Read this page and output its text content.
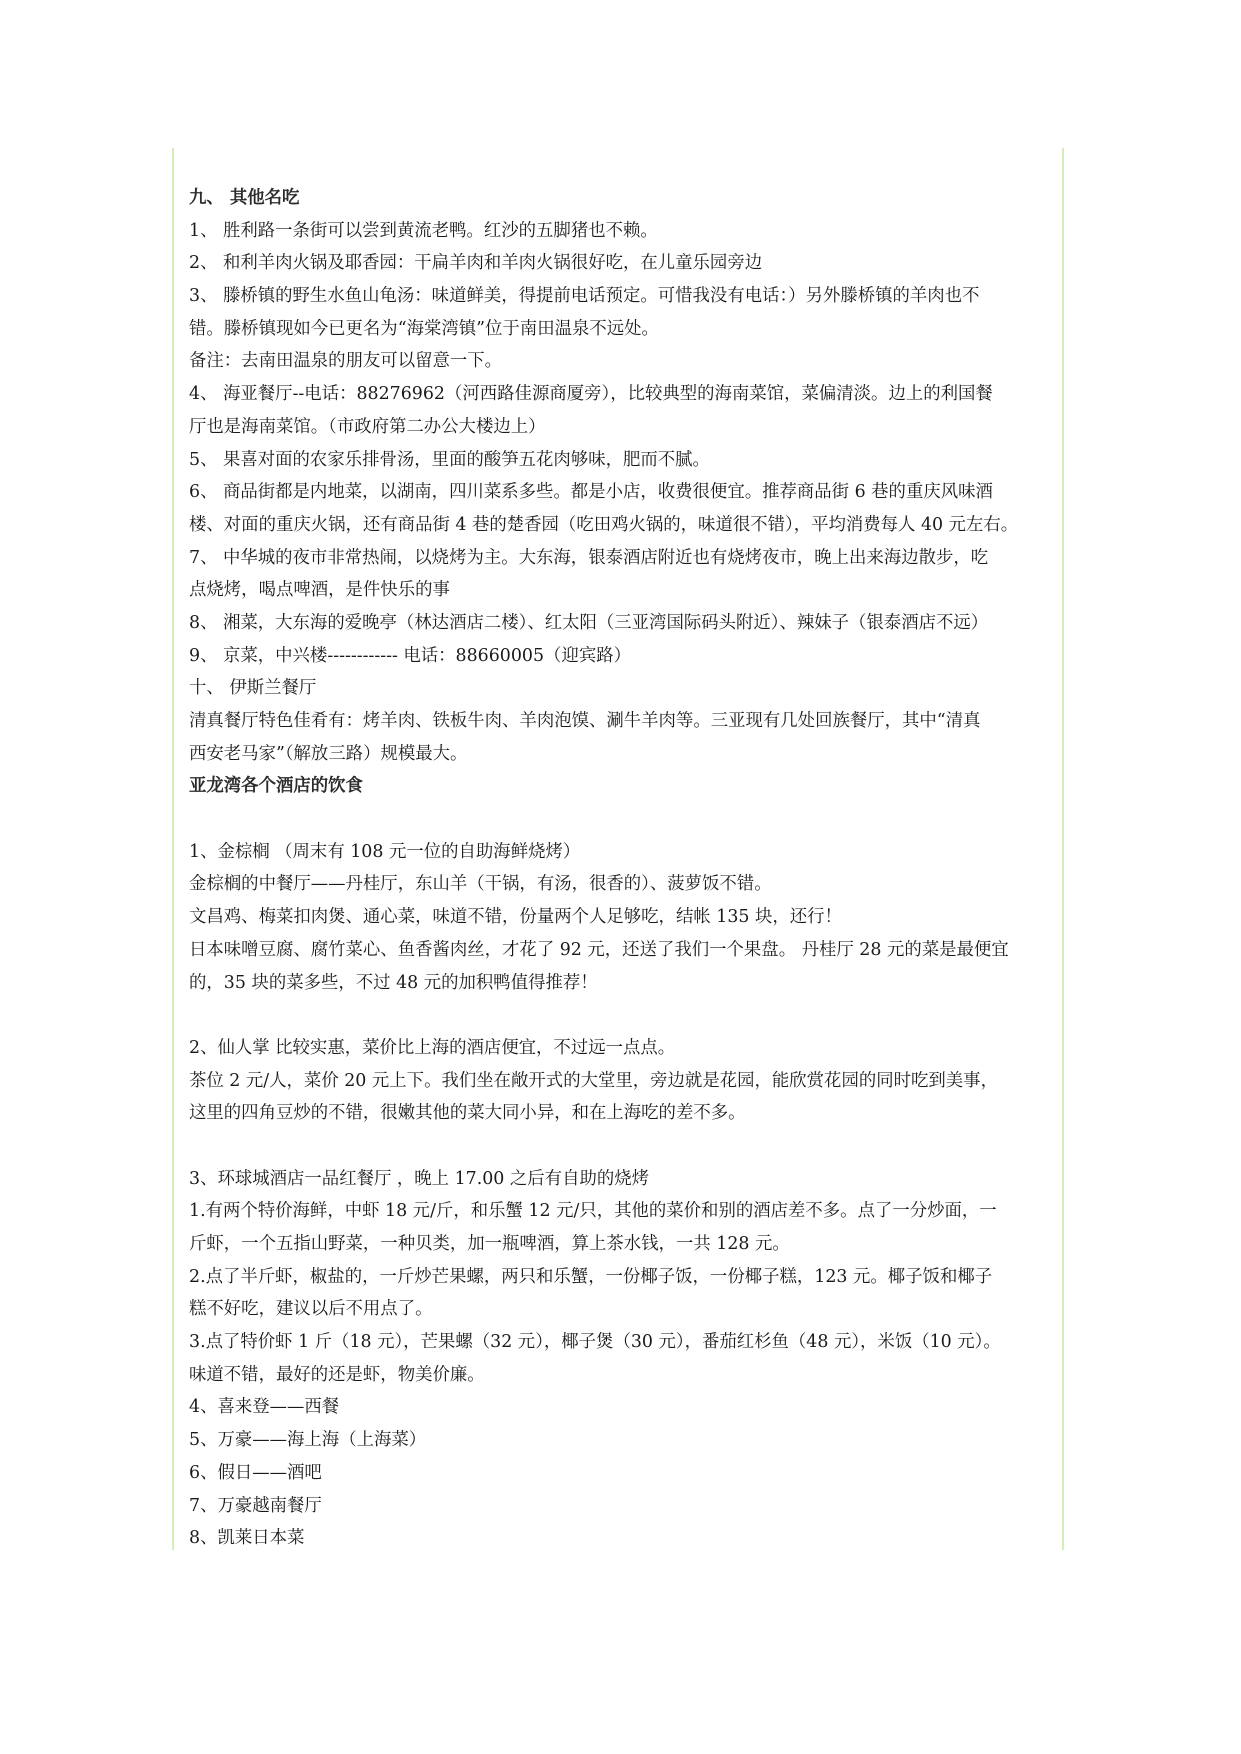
九、 其他名吃
1、 胜利路一条街可以尝到黄流老鸭。红沙的五脚猪也不赖。
2、 和利羊肉火锅及耶香园：干扁羊肉和羊肉火锅很好吃，在儿童乐园旁边
3、 滕桥镇的野生水鱼山龟汤：味道鲜美，得提前电话预定。可惜我没有电话：）另外滕桥镇的羊肉也不
错。滕桥镇现如今已更名为“海棠湾镇”位于南田温泉不远处。
备注：去南田温泉的朋友可以留意一下。
4、 海亚餐厅--电话：88276962（河西路佳源商厦旁），比较典型的海南菜馆，菜偏清淡。边上的利国餐
厅也是海南菜馆。（市政府第二办公大楼边上）
5、 果喜对面的农家乐排骨汤，里面的酸笋五花肉够味，肥而不腻。
6、 商品街都是内地菜，以湖南，四川菜系多些。都是小店，收费很便宜。推荐商品街 6 巷的重庆风味酒
楼、对面的重庆火锅，还有商品街 4 巷的楚香园（吃田鸡火锅的，味道很不错），平均消费每人 40 元左右。
7、 中华城的夜市非常热闹，以烧烤为主。大东海，银泰酒店附近也有烧烤夜市，晚上出来海边散步，吃
点烧烤，喝点啤酒，是件快乐的事
8、 湘菜，大东海的爱晚亭（林达酒店二楼）、红太阳（三亚湾国际码头附近）、辣妹子（银泰酒店不远）
9、 京菜，中兴楼------------ 电话：88660005（迎宾路）
十、 伊斯兰餐厅
清真餐厅特色佳肴有：烤羊肉、铁板牛肉、羊肉泡馍、涮牛羊肉等。三亚现有几处回族餐厅，其中“清真
西安老马家”（解放三路）规模最大。
亚龙湾各个酒店的饮食
1、金棕榈 （周末有 108 元一位的自助海鲜烧烤）
金棕榈的中餐厅——丹桂厅，东山羊（干锅，有汤，很香的）、菠萝饭不错。
文昌鸡、梅菜扣肉煲、通心菜，味道不错，份量两个人足够吃，结帐 135 块，还行！
日本味噌豆腐、腐竹菜心、鱼香酱肉丝，才花了 92 元，还送了我们一个果盘。 丹桂厅 28 元的菜是最便宜
的，35 块的菜多些，不过 48 元的加积鸭值得推荐！
2、仙人掌 比较实惠，菜价比上海的酒店便宜，不过远一点点。
茶位 2 元/人，菜价 20 元上下。我们坐在敞开式的大堂里，旁边就是花园，能欣赏花园的同时吃到美事，
这里的四角豆炒的不错，很嫩其他的菜大同小异，和在上海吃的差不多。
3、环球城酒店一品红餐厅 ，晚上 17.00 之后有自助的烧烤
1.有两个特价海鲜，中虾 18 元/斤，和乐蟹 12 元/只，其他的菜价和别的酒店差不多。点了一分炒面，一
斤虾，一个五指山野菜，一种贝类，加一瓶啤酒，算上茶水钱，一共 128 元。
2.点了半斤虾，椒盐的，一斤炒芒果螺，两只和乐蟹，一份椰子饭，一份椰子糕，123 元。椰子饭和椰子
糕不好吃，建议以后不用点了。
3.点了特价虾 1 斤（18 元），芒果螺（32 元），椰子煲（30 元），番茄红杉鱼（48 元），米饭（10 元）。
味道不错，最好的还是虾，物美价廉。
4、喜来登——西餐
5、万豪——海上海（上海菜）
6、假日——酒吧
7、万豪越南餐厅
8、凯莱日本菜
